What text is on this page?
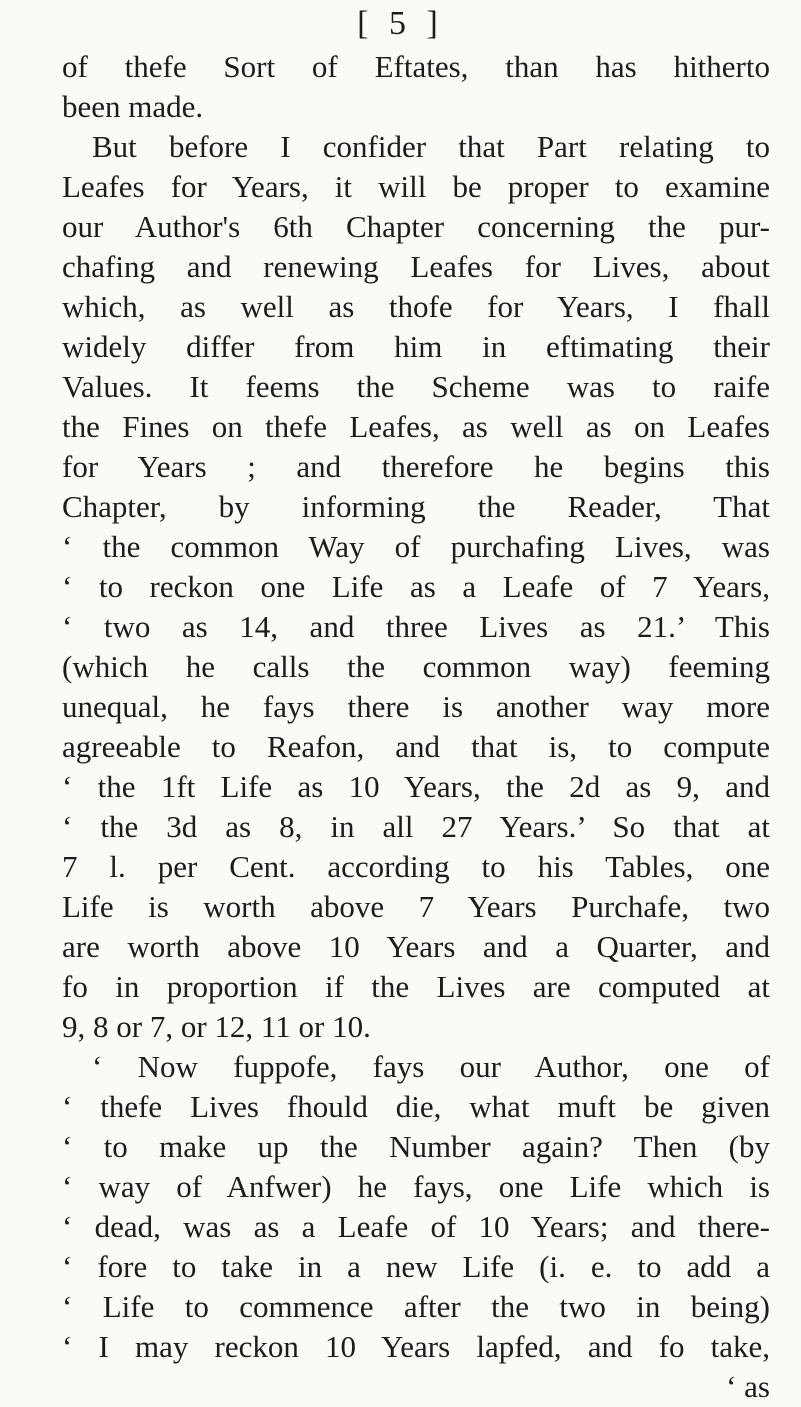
[ 5 ]
of thefe Sort of Eftates, than has hitherto
been made.
But before I confider that Part relating to
Leafes for Years, it will be proper to examine
our Author's 6th Chapter concerning the pur-
chafing and renewing Leafes for Lives, about
which, as well as thofe for Years, I fhall
widely differ from him in eftimating their
Values. It feems the Scheme was to raife
the Fines on thefe Leafes, as well as on Leafes
for Years ; and therefore he begins this
Chapter, by informing the Reader, That
‘ the common Way of purchafing Lives, was
‘ to reckon one Life as a Leafe of 7 Years,
‘ two as 14, and three Lives as 21.’ This
(which he calls the common way) feeming
unequal, he fays there is another way more
agreeable to Reafon, and that is, to compute
‘ the 1ft Life as 10 Years, the 2d as 9, and
‘ the 3d as 8, in all 27 Years.’ So that at
7 l. per Cent. according to his Tables, one
Life is worth above 7 Years Purchafe, two
are worth above 10 Years and a Quarter, and
fo in proportion if the Lives are computed at
9, 8 or 7, or 12, 11 or 10.
‘ Now fuppofe, fays our Author, one of
‘ thefe Lives fhould die, what muft be given
‘ to make up the Number again? Then (by
‘ way of Anfwer) he fays, one Life which is
‘ dead, was as a Leafe of 10 Years; and there-
‘ fore to take in a new Life (i. e. to add a
‘ Life to commence after the two in being)
‘ I may reckon 10 Years lapfed, and fo take,
‘ as
